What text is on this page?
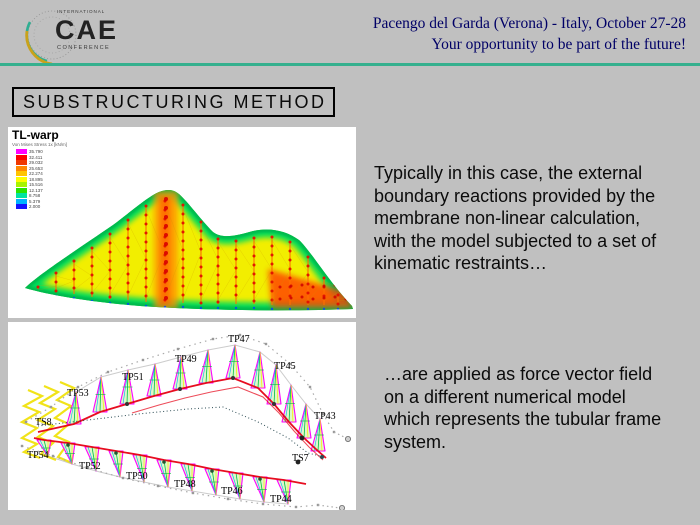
INTERNATIONAL
CAE
CONFERENCE
Pacengo del Garda (Verona) - Italy, October 27-28
Your opportunity to be part of the future!
SUBSTRUCTURING METHOD
TL-warp
Von Mises Stress 1x [kN/m]
35.790
32.411
29.032
25.653
22.274
18.895
15.516
12.137
8.758
5.379
2.000
TP47
TP49
TP45
TP51
TP53
TS8
TP43
TP54
TP52
TP50
TP48
TP46
TP44
TS7
Typically in this case, the external
boundary reactions provided by the
membrane non-linear calculation,
with the model subjected to a set of
kinematic restraints…
…are applied as force vector field
on a different numerical model
which represents the tubular frame
system.
